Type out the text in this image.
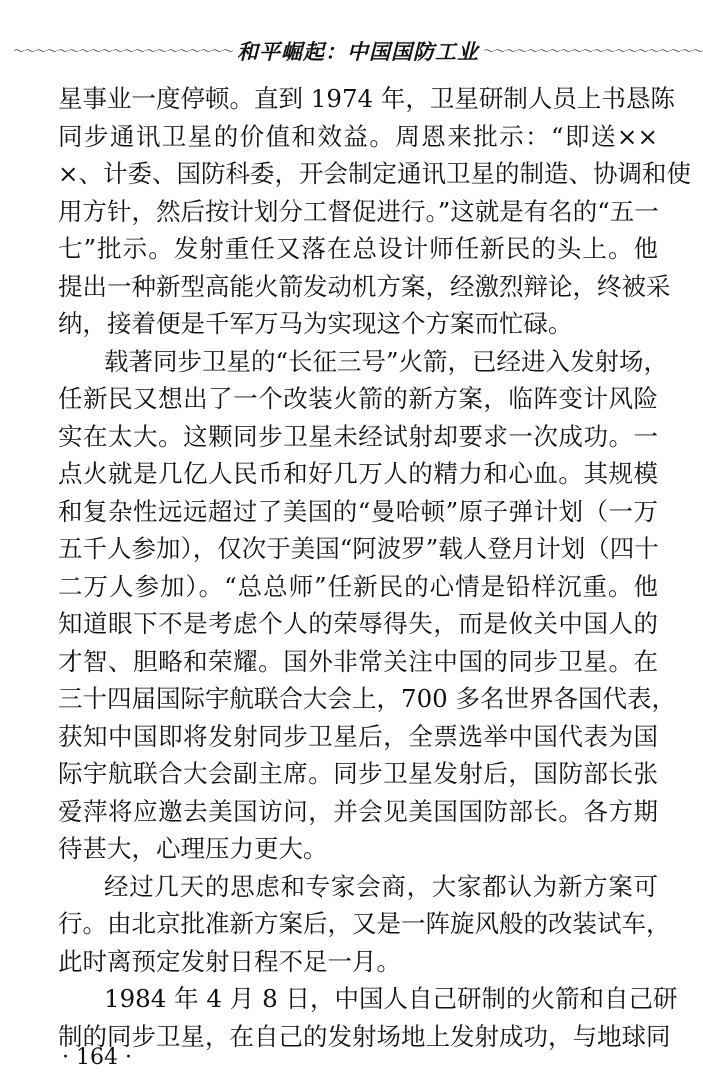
～～～～～～～～～～～～～～～～～～～～ 和平崛起：中国国防工业 ～～～～～～～～～～～～～～～～～～～～
星事业一度停顿。直到 1974 年，卫星研制人员上书恳陈
同步通讯卫星的价值和效益。周恩来批示：“即送××
×、计委、国防科委，开会制定通讯卫星的制造、协调和使
用方针，然后按计划分工督促进行。”这就是有名的“五一
七”批示。发射重任又落在总设计师任新民的头上。他
提出一种新型高能火箭发动机方案，经激烈辩论，终被采
纳，接着便是千军万马为实现这个方案而忙碌。
载著同步卫星的“长征三号”火箭，已经进入发射场，
任新民又想出了一个改装火箭的新方案，临阵变计风险
实在太大。这颗同步卫星未经试射却要求一次成功。一
点火就是几亿人民币和好几万人的精力和心血。其规模
和复杂性远远超过了美国的“曼哈顿”原子弹计划（一万
五千人参加），仅次于美国“阿波罗”载人登月计划（四十
二万人参加）。“总总师”任新民的心情是铅样沉重。他
知道眼下不是考虑个人的荣辱得失，而是攸关中国人的
才智、胆略和荣耀。国外非常关注中国的同步卫星。在
三十四届国际宇航联合大会上，700 多名世界各国代表，
获知中国即将发射同步卫星后，全票选举中国代表为国
际宇航联合大会副主席。同步卫星发射后，国防部长张
爱萍将应邀去美国访问，并会见美国国防部长。各方期
待甚大，心理压力更大。
经过几天的思虑和专家会商，大家都认为新方案可
行。由北京批准新方案后，又是一阵旋风般的改装试车，
此时离预定发射日程不足一月。
1984 年 4 月 8 日，中国人自己研制的火箭和自己研
制的同步卫星，在自己的发射场地上发射成功，与地球同
· 164 ·
